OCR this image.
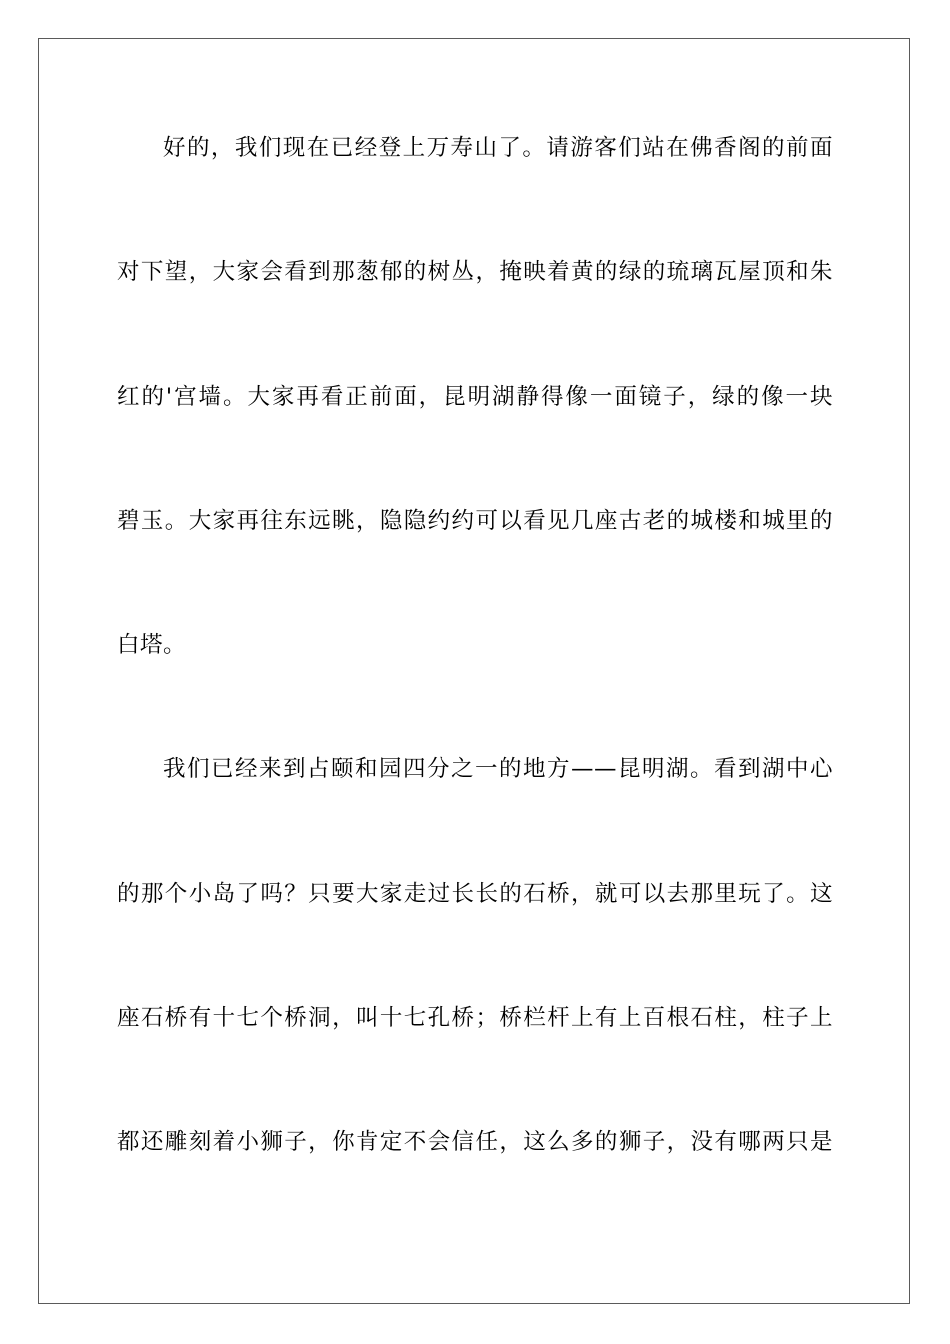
好的，我们现在已经登上万寿山了。请游客们站在佛香阁的前面
对下望，大家会看到那葱郁的树丛，掩映着黄的绿的琉璃瓦屋顶和朱
红的'宫墙。大家再看正前面，昆明湖静得像一面镜子，绿的像一块
碧玉。大家再往东远眺，隐隐约约可以看见几座古老的城楼和城里的
白塔。
我们已经来到占颐和园四分之一的地方——昆明湖。看到湖中心
的那个小岛了吗？只要大家走过长长的石桥，就可以去那里玩了。这
座石桥有十七个桥洞，叫十七孔桥；桥栏杆上有上百根石柱，柱子上
都还雕刻着小狮子，你肯定不会信任，这么多的狮子，没有哪两只是
